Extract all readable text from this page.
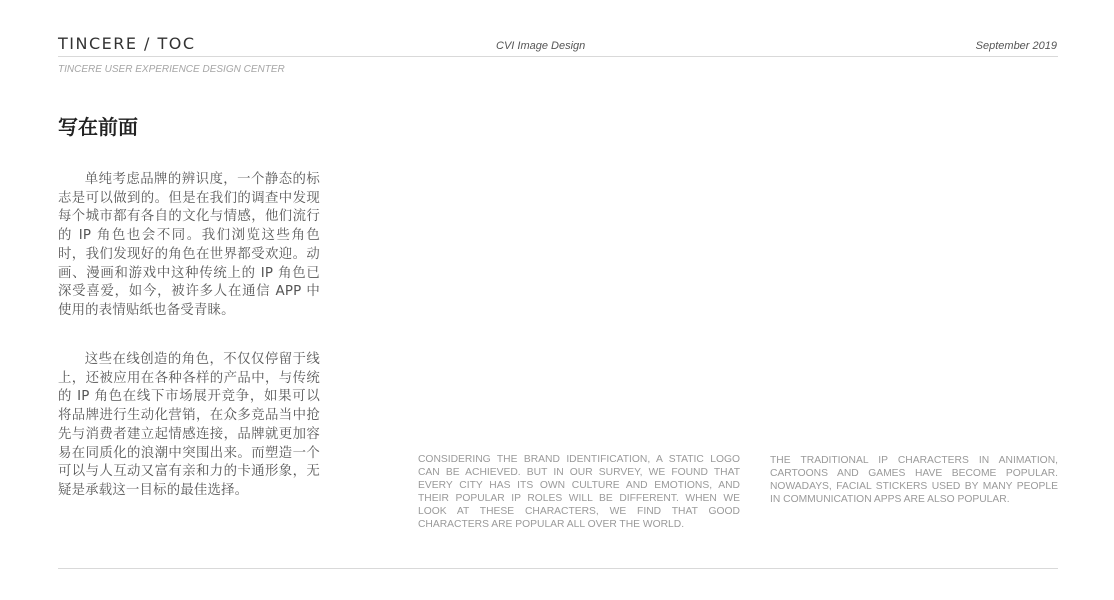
TINCERE / TOC	CVI Image Design	September 2019
TINCERE USER EXPERIENCE DESIGN CENTER
写在前面

单纯考虑品牌的辨识度，一个静态的标志是可以做到的。但是在我们的调查中发现每个城市都有各自的文化与情感，他们流行的 IP 角色也会不同。我们浏览这些角色时，我们发现好的角色在世界都受欢迎。动画、漫画和游戏中这种传统上的 IP 角色已深受喜爱，如今，被许多人在通信 APP 中使用的表情贴纸也备受青睐。

这些在线创造的角色，不仅仅停留于线上，还被应用在各种各样的产品中，与传统的 IP 角色在线下市场展开竞争，如果可以将品牌进行生动化营销，在众多竞品当中抢先与消费者建立起情感连接，品牌就更加容易在同质化的浪潮中突围出来。而塑造一个可以与人互动又富有亲和力的卡通形象，无疑是承载这一目标的最佳选择。

CONSIDERING THE BRAND IDENTIFICATION, A STATIC LOGO CAN BE ACHIEVED. BUT IN OUR SURVEY, WE FOUND THAT EVERY CITY HAS ITS OWN CULTURE AND EMOTIONS, AND THEIR POPULAR IP ROLES WILL BE DIFFERENT. WHEN WE LOOK AT THESE CHARACTERS, WE FIND THAT GOOD CHARACTERS ARE POPULAR ALL OVER THE WORLD.

THE TRADITIONAL IP CHARACTERS IN ANIMATION, CARTOONS AND GAMES HAVE BECOME POPULAR. NOWADAYS, FACIAL STICKERS USED BY MANY PEOPLE IN COMMUNICATION APPS ARE ALSO POPULAR.
